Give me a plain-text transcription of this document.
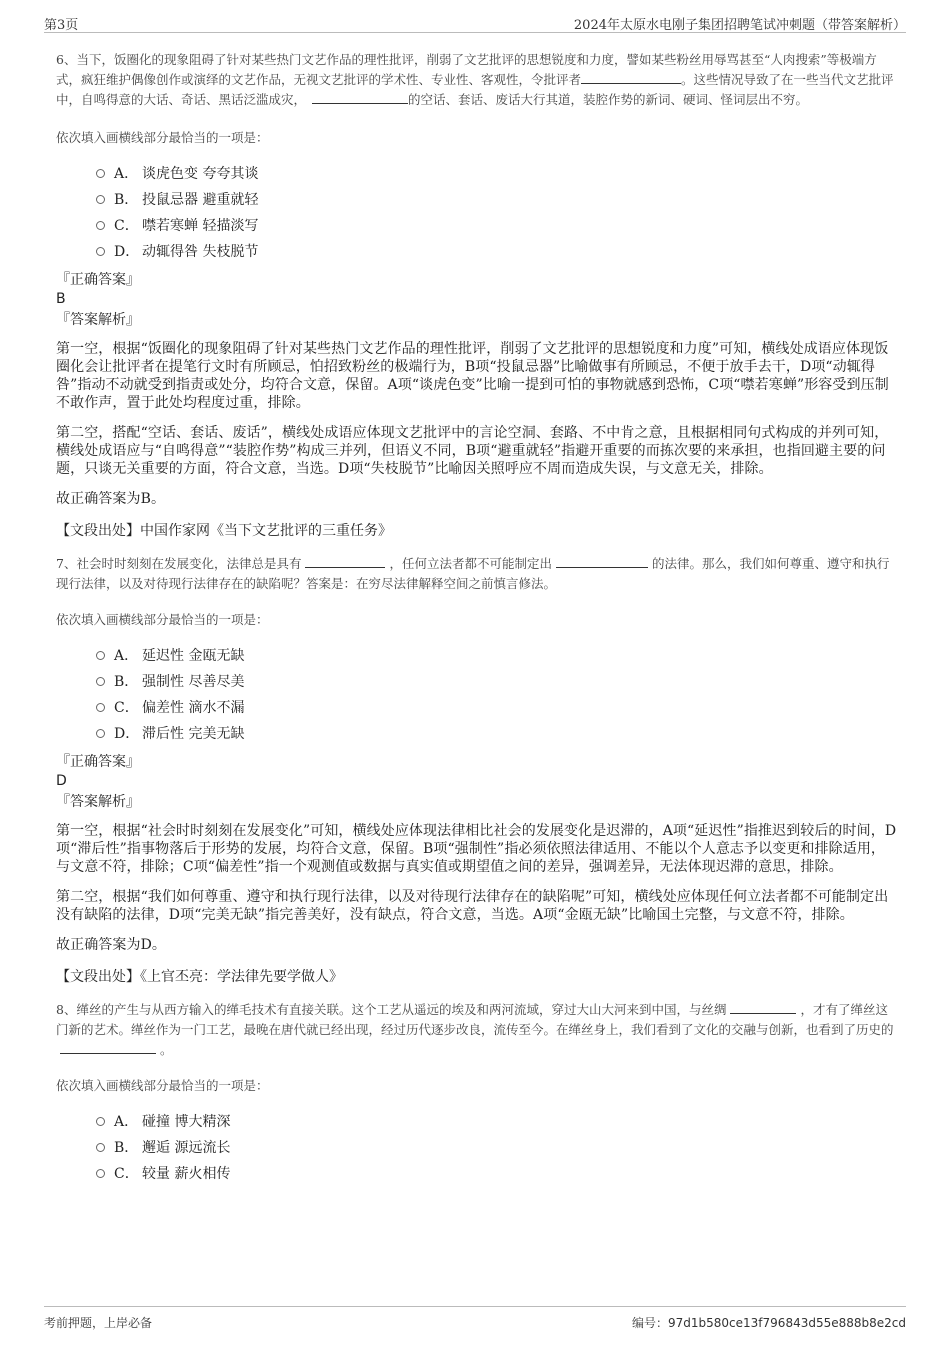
第3页	2024年太原水电刚子集团招聘笔试冲刺题（带答案解析）

6、当下，饭圈化的现象阻碍了针对某些热门文艺作品的理性批评，削弱了文艺批评的思想锐度和力度，譬如某些粉丝用辱骂甚至“人肉搜索”等极端方式，疯狂维护偶像创作或演绎的文艺作品，无视文艺批评的学术性、专业性、客观性，令批评者	。这些情况导致了在一些当代文艺批评中，自鸣得意的大话、奇话、黑话泛滥成灾，	的空话、套话、废话大行其道，装腔作势的新词、硬词、怪词层出不穷。

依次填入画横线部分最恰当的一项是：

A． 谈虎色变 夸夸其谈
B． 投鼠忌器 避重就轻
C． 噤若寒蝉 轻描淡写
D． 动辄得咎 失枝脱节

『正确答案』

B

『答案解析』

第一空，根据“饭圈化的现象阻碍了针对某些热门文艺作品的理性批评，削弱了文艺批评的思想锐度和力度”可知，横线处成语应体现饭圈化会让批评者在提笔行文时有所顾忌，怕招致粉丝的极端行为，B项“投鼠忌器”比喻做事有所顾忌，不便于放手去干，D项“动辄得咎”指动不动就受到指责或处分，均符合文意，保留。A项“谈虎色变”比喻一提到可怕的事物就感到恐怖，C项“噤若寒蝉”形容受到压制不敢作声，置于此处均程度过重，排除。

第二空，搭配“空话、套话、废话”，横线处成语应体现文艺批评中的言论空洞、套路、不中肯之意，且根据相同句式构成的并列可知，横线处成语应与“自鸣得意”“装腔作势”构成三并列，但语义不同，B项“避重就轻”指避开重要的而拣次要的来承担，也指回避主要的问题，只谈无关重要的方面，符合文意，当选。D项“失枝脱节”比喻因关照呼应不周而造成失误，与文意无关，排除。

故正确答案为B。

【文段出处】中国作家网《当下文艺批评的三重任务》

7、社会时时刻刻在发展变化，法律总是具有	，任何立法者都不可能制定出	的法律。那么，我们如何尊重、遵守和执行现行法律，以及对待现行法律存在的缺陷呢？答案是：在穷尽法律解释空间之前慎言修法。

依次填入画横线部分最恰当的一项是：

A． 延迟性 金瓯无缺
B． 强制性 尽善尽美
C． 偏差性 滴水不漏
D． 滞后性 完美无缺

『正确答案』

D

『答案解析』

第一空，根据“社会时时刻刻在发展变化”可知，横线处应体现法律相比社会的发展变化是迟滞的，A项“延迟性”指推迟到较后的时间，D项“滞后性”指事物落后于形势的发展，均符合文意，保留。B项“强制性”指必须依照法律适用、不能以个人意志予以变更和排除适用，与文意不符，排除；C项“偏差性”指一个观测值或数据与真实值或期望值之间的差异，强调差异，无法体现迟滞的意思，排除。

第二空，根据“我们如何尊重、遵守和执行现行法律，以及对待现行法律存在的缺陷呢”可知，横线处应体现任何立法者都不可能制定出没有缺陷的法律，D项“完美无缺”指完善美好，没有缺点，符合文意，当选。A项“金瓯无缺”比喻国土完整，与文意不符，排除。

故正确答案为D。

【文段出处】《上官丕亮：学法律先要学做人》

8、缂丝的产生与从西方输入的缂毛技术有直接关联。这个工艺从遥远的埃及和两河流域，穿过大山大河来到中国，与丝绸	，才有了缂丝这门新的艺术。缂丝作为一门工艺，最晚在唐代就已经出现，经过历代逐步改良，流传至今。在缂丝身上，我们看到了文化的交融与创新，也看到了历史的。

依次填入画横线部分最恰当的一项是：

A． 碰撞 博大精深
B． 邂逅 源远流长
C． 较量 薪火相传
考前押题，上岸必备	编号：97d1b580ce13f796843d55e888b8e2cd
